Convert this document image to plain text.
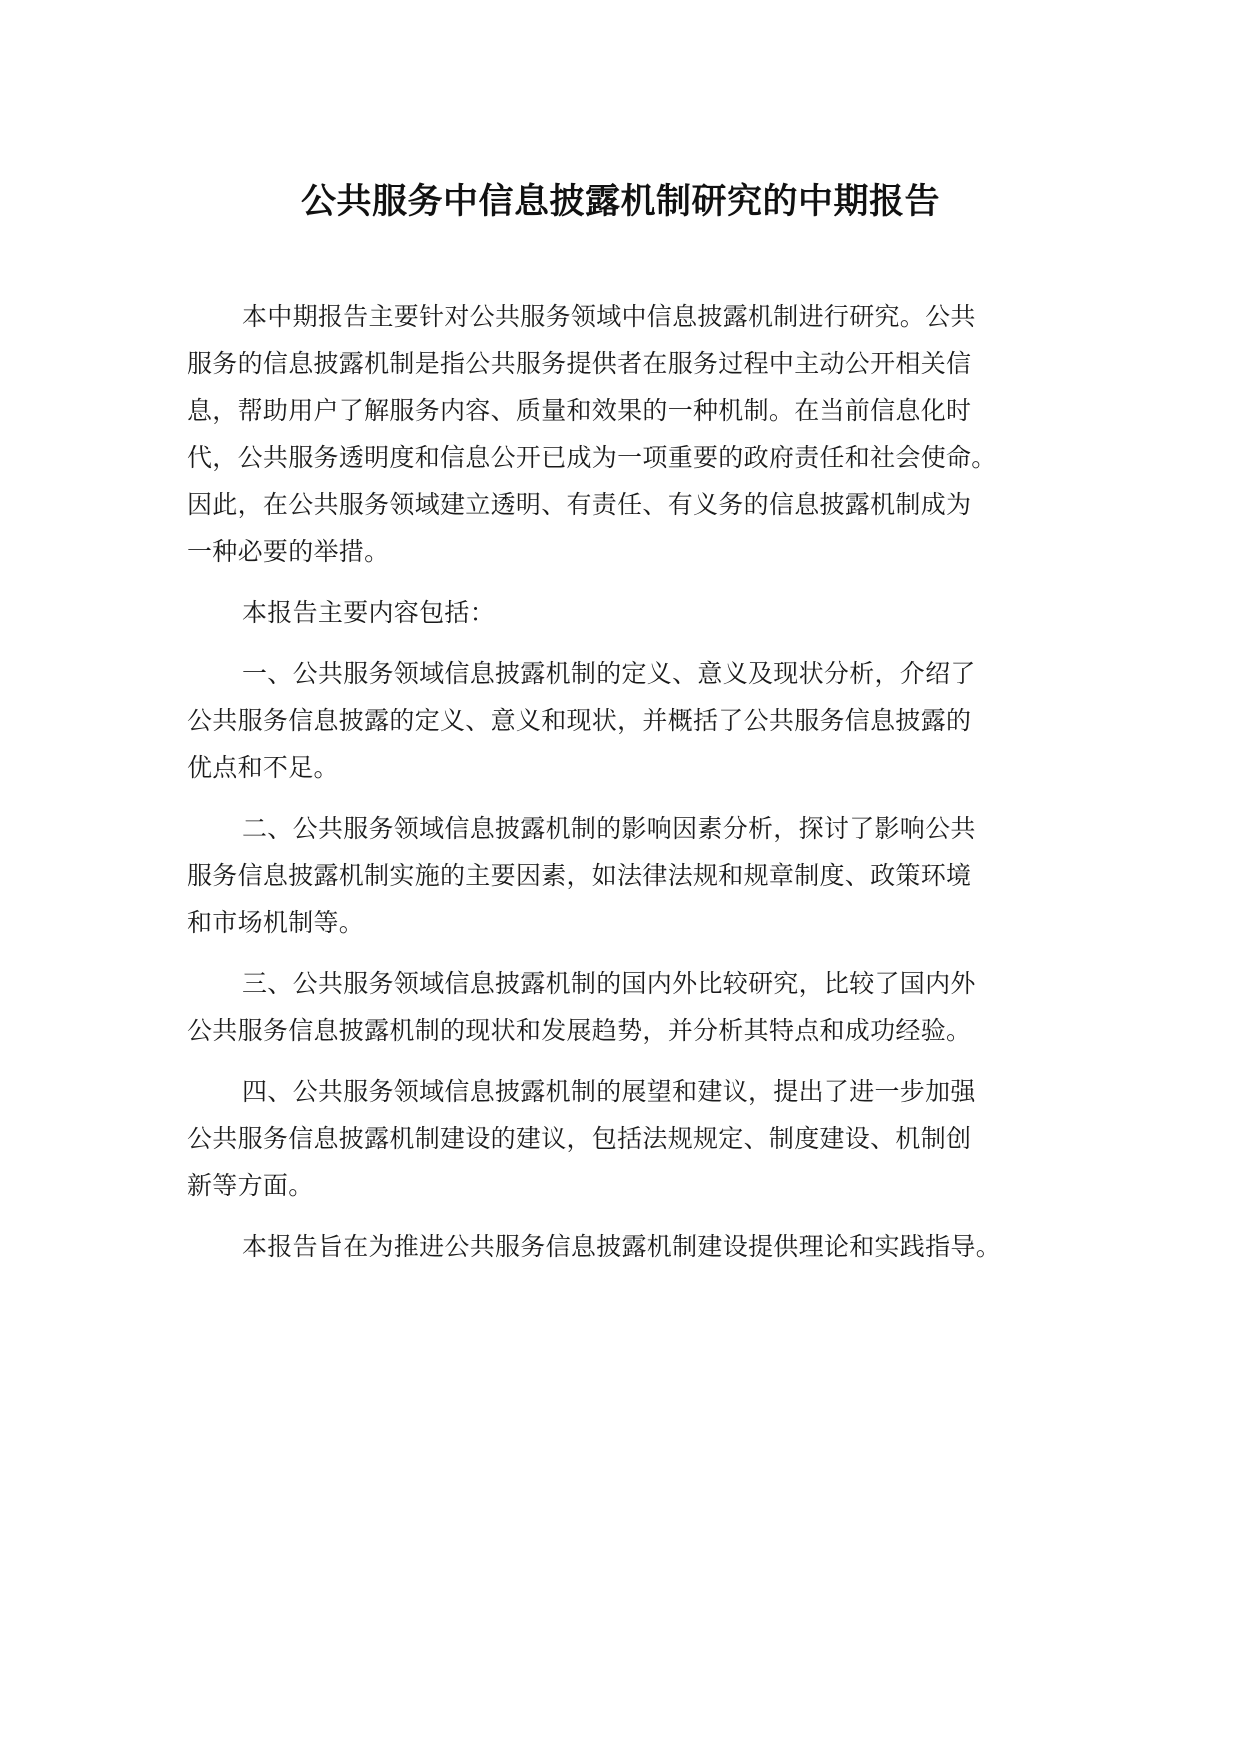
公共服务中信息披露机制研究的中期报告

本中期报告主要针对公共服务领域中信息披露机制进行研究。公共
服务的信息披露机制是指公共服务提供者在服务过程中主动公开相关信
息，帮助用户了解服务内容、质量和效果的一种机制。在当前信息化时
代，公共服务透明度和信息公开已成为一项重要的政府责任和社会使命。
因此，在公共服务领域建立透明、有责任、有义务的信息披露机制成为
一种必要的举措。

本报告主要内容包括：

一、公共服务领域信息披露机制的定义、意义及现状分析，介绍了
公共服务信息披露的定义、意义和现状，并概括了公共服务信息披露的
优点和不足。

二、公共服务领域信息披露机制的影响因素分析，探讨了影响公共
服务信息披露机制实施的主要因素，如法律法规和规章制度、政策环境
和市场机制等。

三、公共服务领域信息披露机制的国内外比较研究，比较了国内外
公共服务信息披露机制的现状和发展趋势，并分析其特点和成功经验。

四、公共服务领域信息披露机制的展望和建议，提出了进一步加强
公共服务信息披露机制建设的建议，包括法规规定、制度建设、机制创
新等方面。

本报告旨在为推进公共服务信息披露机制建设提供理论和实践指导。
